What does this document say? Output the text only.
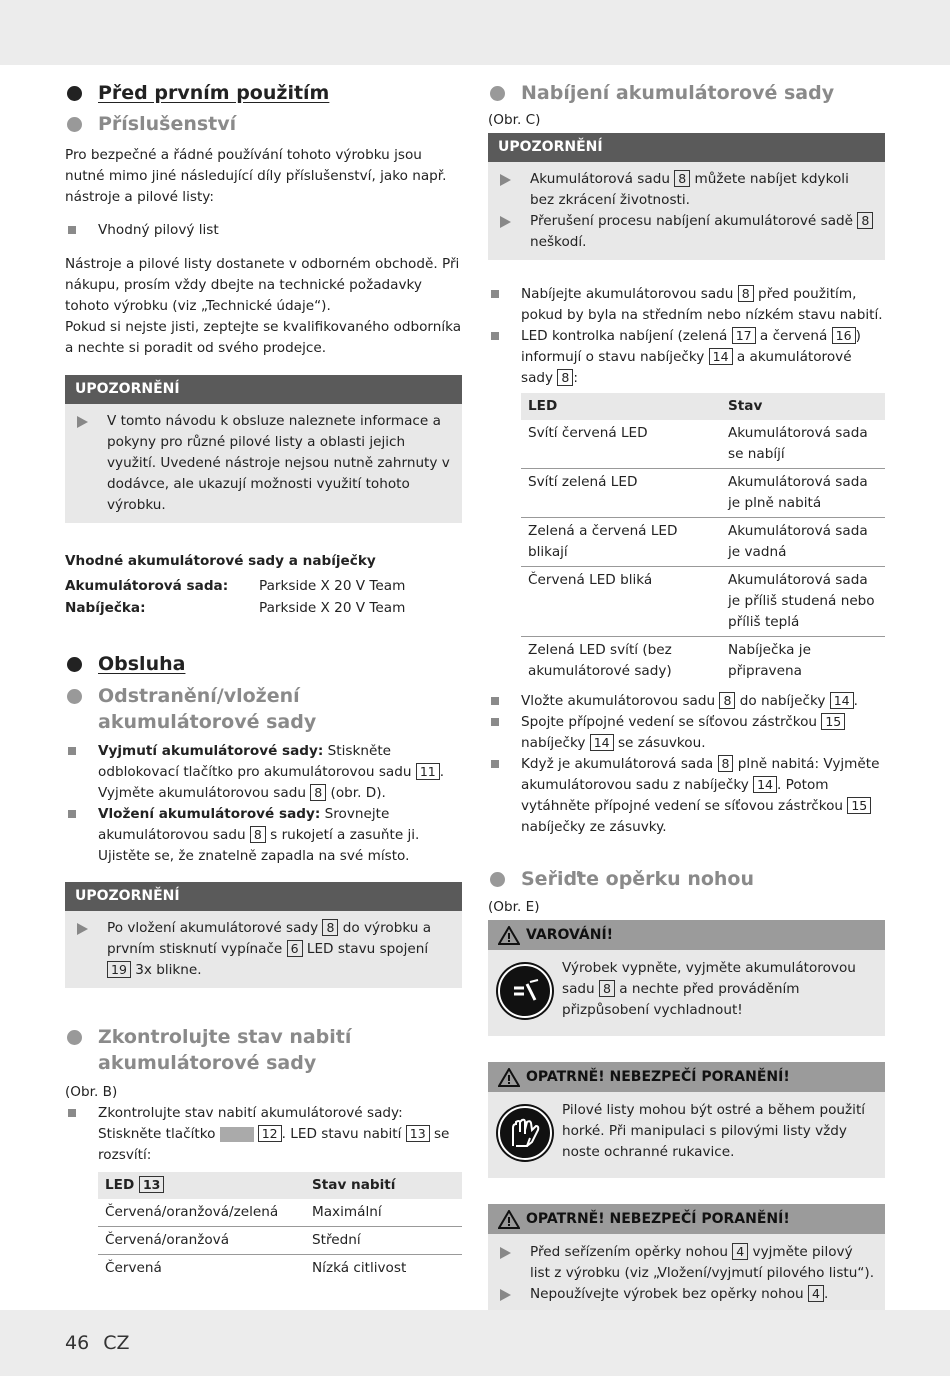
Před prvním použitím
Příslušenství

Pro bezpečné a řádné používání tohoto výrobku jsou nutné mimo jiné následující díly příslušenství, jako např. nástroje a pilové listy:

Vhodný pilový list

Nástroje a pilové listy dostanete v odborném obchodě. Při nákupu, prosím vždy dbejte na technické požadavky tohoto výrobku (viz „Technické údaje“).

Pokud si nejste jisti, zeptejte se kvalifikovaného odborníka a nechte si poradit od svého prodejce.

UPOZORNĚNÍ
V tomto návodu k obsluze naleznete informace a pokyny pro různé pilové listy a oblasti jejich využití. Uvedené nástroje nejsou nutně zahrnuty v dodávce, ale ukazují možnosti využití tohoto výrobku.

Vhodné akumulátorové sady a nabíječky

Akumulátorová sada:	Parkside X 20 V Team
Nabíječka:	Parkside X 20 V Team
Obsluha
Odstranění/vložení akumulátorové sady
Vyjmutí akumulátorové sady: Stiskněte odblokovací tlačítko pro akumulátorovou sadu 11 . Vyjměte akumulátorovou sadu 8 (obr. D).
Vložení akumulátorové sady: Srovnejte akumulátorovou sadu 8 s rukojetí a zasuňte ji. Ujistěte se, že znatelně zapadla na své místo.
UPOZORNĚNÍ
Po vložení akumulátorové sady 8 do výrobku a prvním stisknutí vypínače 6 LED stavu spojení 19 3x blikne.
Zkontrolujte stav nabití akumulátorové sady

(Obr. B)

Zkontrolujte stav nabití akumulátorové sady: Stiskněte tlačítko	12 . LED stavu nabití 13 se rozsvítí:
LED 13	Stav nabití
Červená/oranžová/zelená	Maximální
Červená/oranžová	Střední
Červená	Nízká citlivost
Nabíjení akumulátorové sady

(Obr. C)

UPOZORNĚNÍ
Akumulátorová sadu 8 můžete nabíjet kdykoli bez zkrácení životnosti.
Přerušení procesu nabíjení akumulátorové sadě 8 neškodí.
Nabíjejte akumulátorovou sadu 8 před použitím, pokud by byla na středním nebo nízkém stavu nabití.
LED kontrolka nabíjení (zelená 17 a červená 16 ) informují o stavu nabíječky 14 a akumulátorové sady 8 :
LED	Stav
Svítí červená LED	Akumulátorová sada se nabíjí
Svítí zelená LED	Akumulátorová sada je plně nabitá
Zelená a červená LED blikají	Akumulátorová sada je vadná
Červená LED bliká	Akumulátorová sada je příliš studená nebo příliš teplá
Zelená LED svítí (bez akumulátorové sady)	Nabíječka je připravena
Vložte akumulátorovou sadu 8 do nabíječky 14 .
Spojte přípojné vedení se síťovou zástrčkou 15 nabíječky 14 se zásuvkou.
Když je akumulátorová sada 8 plně nabitá: Vyjměte akumulátorovou sadu z nabíječky 14 . Potom vytáhněte přípojné vedení se síťovou zástrčkou 15 nabíječky ze zásuvky.
Seřiďte opěrku nohou

(Obr. E)

VAROVÁNÍ!

Výrobek vypněte, vyjměte akumulátorovou sadu 8 a nechte před prováděním přizpůsobení vychladnout!

OPATRNĚ! NEBEZPEČÍ PORANĚNÍ!

Pilové listy mohou být ostré a během použití horké. Při manipulaci s pilovými listy vždy noste ochranné rukavice.

OPATRNĚ! NEBEZPEČÍ PORANĚNÍ!
Před seřízením opěrky nohou 4 vyjměte pilový list z výrobku (viz „Vložení/vyjmutí pilového listu“).
Nepoužívejte výrobek bez opěrky nohou 4 .
46 CZ
